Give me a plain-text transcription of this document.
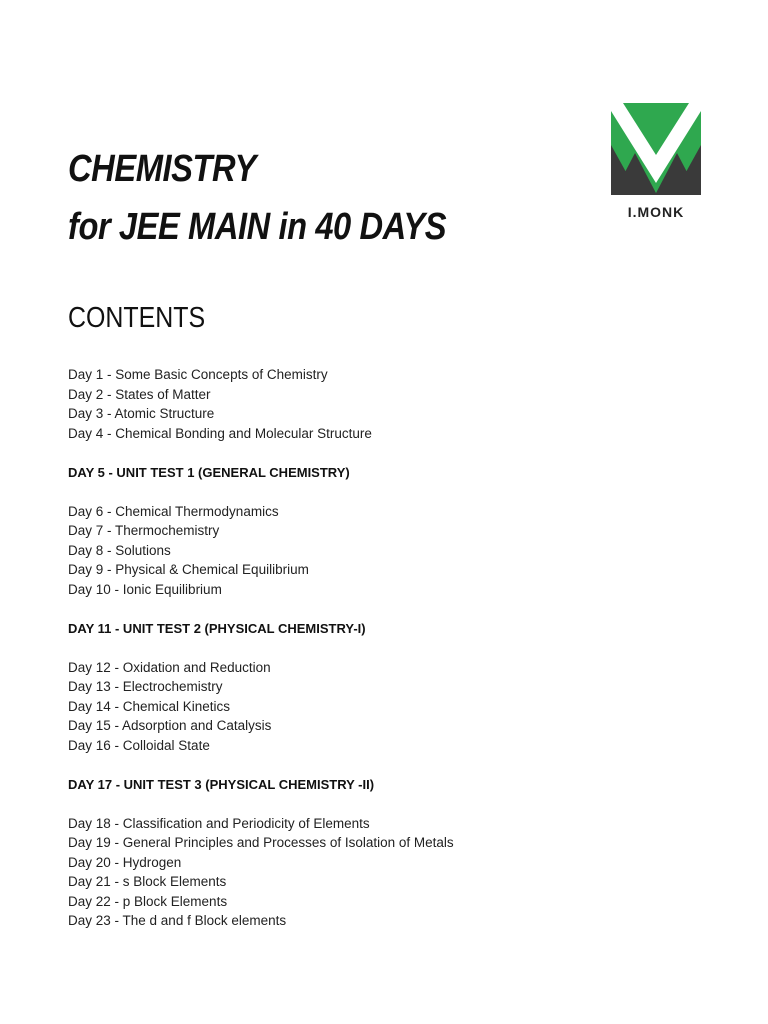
CHEMISTRY
for JEE MAIN in 40 DAYS	I.MONK
CONTENTS
Day 1 - Some Basic Concepts of Chemistry
Day 2 - States of Matter
Day 3 - Atomic Structure
Day 4 - Chemical Bonding and Molecular Structure
DAY 5 - UNIT TEST 1 (GENERAL CHEMISTRY)
Day 6 - Chemical Thermodynamics
Day 7 - Thermochemistry
Day 8 - Solutions
Day 9 - Physical & Chemical Equilibrium
Day 10 - Ionic Equilibrium
DAY 11 - UNIT TEST 2 (PHYSICAL CHEMISTRY-I)
Day 12 - Oxidation and Reduction
Day 13 - Electrochemistry
Day 14 - Chemical Kinetics
Day 15 - Adsorption and Catalysis
Day 16 - Colloidal State
DAY 17 - UNIT TEST 3 (PHYSICAL CHEMISTRY -II)
Day 18 - Classification and Periodicity of Elements
Day 19 - General Principles and Processes of Isolation of Metals
Day 20 - Hydrogen
Day 21 - s Block Elements
Day 22 - p Block Elements
Day 23 - The d and f Block elements
